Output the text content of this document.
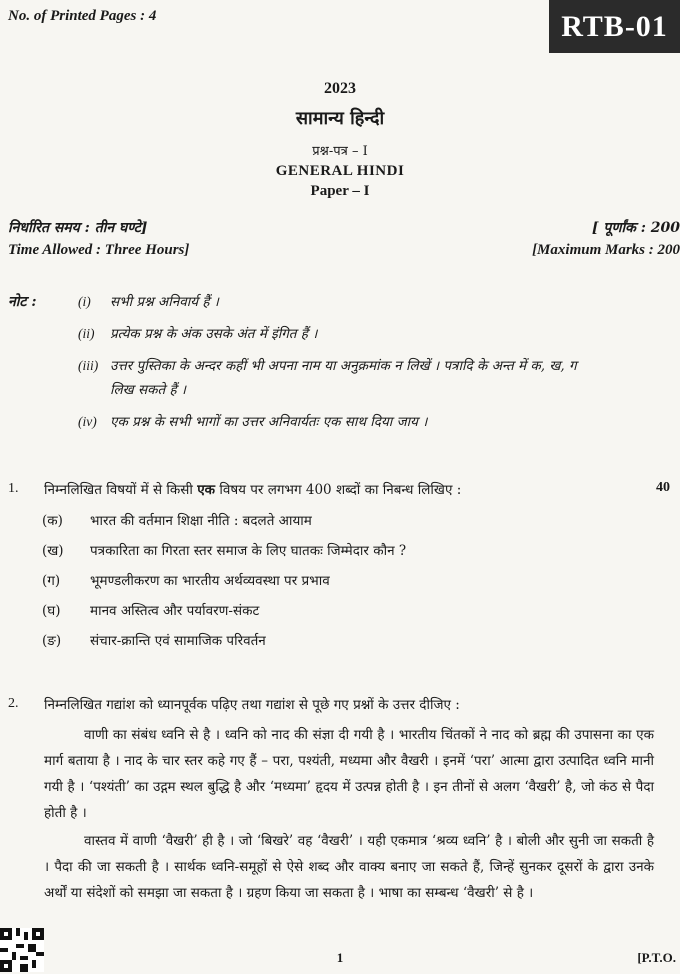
No. of Printed Pages : 4	RTB-01
2023
सामान्य हिन्दी
प्रश्न-पत्र – I
GENERAL HINDI
Paper – I
निर्धारित समय : तीन घण्टे]
Time Allowed : Three Hours]
[ पूर्णांक : 200
[Maximum Marks : 200
नोट :	(i) सभी प्रश्न अनिवार्य हैं ।
(ii) प्रत्येक प्रश्न के अंक उसके अंत में इंगित हैं ।
(iii) उत्तर पुस्तिका के अन्दर कहीं भी अपना नाम या अनुक्रमांक न लिखें । पत्रादि के अन्त में क, ख, ग
लिख सकते हैं ।
(iv) एक प्रश्न के सभी भागों का उत्तर अनिवार्यतः एक साथ दिया जाय ।
1. निम्नलिखित विषयों में से किसी एक विषय पर लगभग 400 शब्दों का निबन्ध लिखिए :	40
(क) भारत की वर्तमान शिक्षा नीति : बदलते आयाम
(ख) पत्रकारिता का गिरता स्तर समाज के लिए घातकः जिम्मेदार कौन ?
(ग) भूमण्डलीकरण का भारतीय अर्थव्यवस्था पर प्रभाव
(घ) मानव अस्तित्व और पर्यावरण-संकट
(ङ) संचार-क्रान्ति एवं सामाजिक परिवर्तन
2. निम्नलिखित गद्यांश को ध्यानपूर्वक पढ़िए तथा गद्यांश से पूछे गए प्रश्नों के उत्तर दीजिए :
वाणी का संबंध ध्वनि से है । ध्वनि को नाद की संज्ञा दी गयी है । भारतीय चिंतकों ने नाद को ब्रह्म की उपासना का एक मार्ग बताया है । नाद के चार स्तर कहे गए हैं – परा, पश्यंती, मध्यमा और वैखरी । इनमें ‘परा’ आत्मा द्वारा उत्पादित ध्वनि मानी गयी है । ‘पश्यंती’ का उद्गम स्थल बुद्धि है और ‘मध्यमा’ हृदय में उत्पन्न होती है । इन तीनों से अलग ‘वैखरी’ है, जो कंठ से पैदा होती है ।
वास्तव में वाणी ‘वैखरी’ ही है । जो ‘बिखरे’ वह ‘वैखरी’ । यही एकमात्र ‘श्रव्य ध्वनि’ है । बोली और सुनी जा सकती है । पैदा की जा सकती है । सार्थक ध्वनि-समूहों से ऐसे शब्द और वाक्य बनाए जा सकते हैं, जिन्हें सुनकर दूसरों के द्वारा उनके अर्थों या संदेशों को समझा जा सकता है । ग्रहण किया जा सकता है । भाषा का सम्बन्ध ‘वैखरी’ से है ।
1	[P.T.O.
